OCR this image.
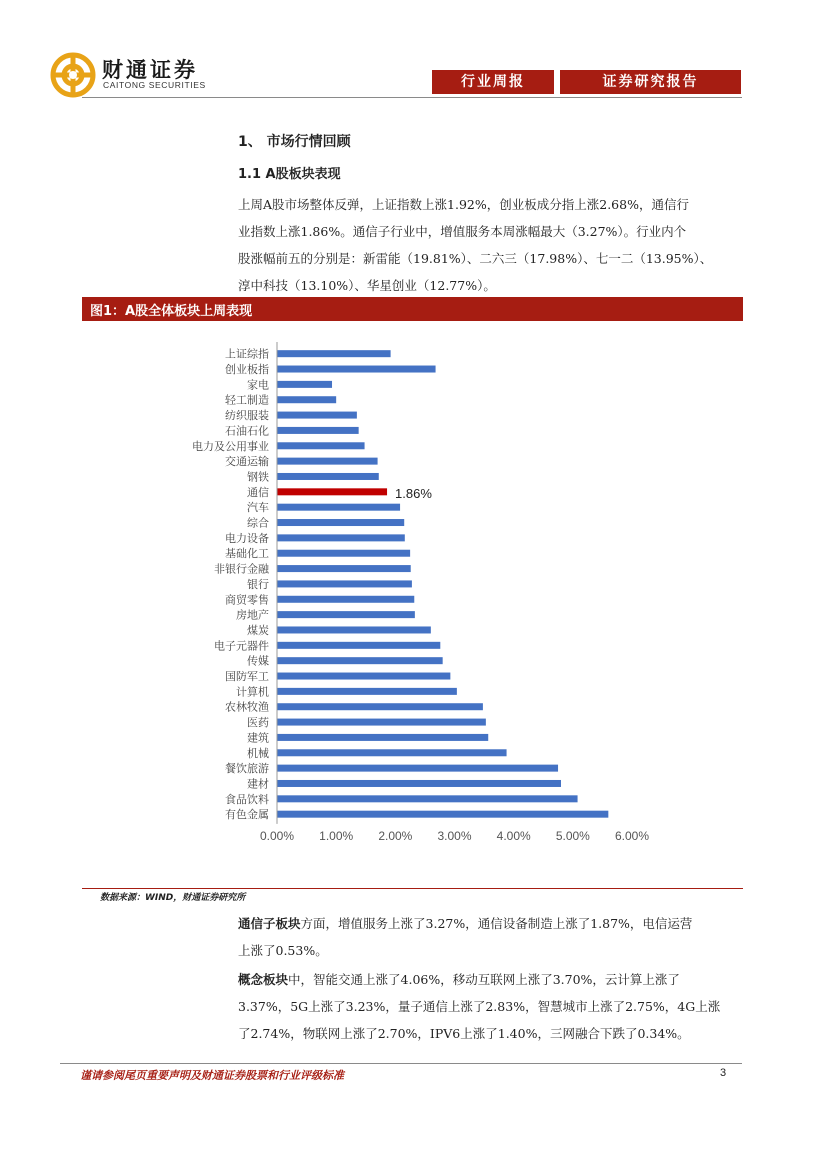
财通证券
CAITONG SECURITIES	行业周报	证券研究报告
1、 市场行情回顾
1.1 A股板块表现
上周A股市场整体反弹，上证指数上涨1.92%，创业板成分指上涨2.68%，通信行
业指数上涨1.86%。通信子行业中，增值服务本周涨幅最大（3.27%）。行业内个
股涨幅前五的分别是：新雷能（19.81%）、二六三（17.98%）、七一二（13.95%）、
淳中科技（13.10%）、华星创业（12.77%）。
图1：A股全体板块上周表现
上证综指
创业板指
家电
轻工制造
纺织服装
石油石化
电力及公用事业
交通运输
钢铁
通信	1.86%
汽车
综合
电力设备
基础化工
非银行金融
银行
商贸零售
房地产
煤炭
电子元器件
传媒
国防军工
计算机
农林牧渔
医药
建筑
机械
餐饮旅游
建材
食品饮料
有色金属
0.00% 1.00% 2.00% 3.00% 4.00% 5.00% 6.00%
数据来源：WIND，财通证券研究所
通信子板块方面，增值服务上涨了3.27%，通信设备制造上涨了1.87%，电信运营
上涨了0.53%。
概念板块中，智能交通上涨了4.06%，移动互联网上涨了3.70%，云计算上涨了
3.37%，5G上涨了3.23%，量子通信上涨了2.83%，智慧城市上涨了2.75%，4G上涨
了2.74%，物联网上涨了2.70%，IPV6上涨了1.40%，三网融合下跌了0.34%。
谨请参阅尾页重要声明及财通证券股票和行业评级标准	3
